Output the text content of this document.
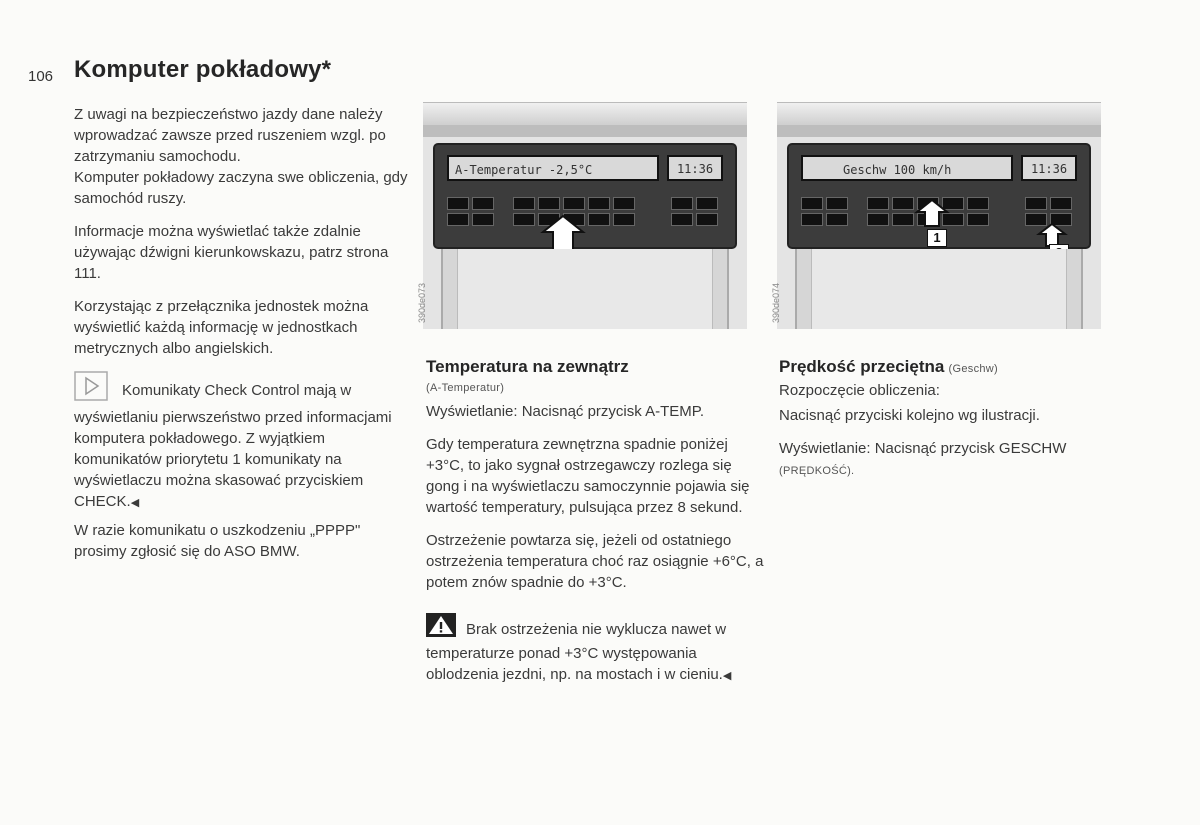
106 Komputer pokładowy*

Z uwagi na bezpieczeństwo jazdy dane należy wprowadzać zawsze przed ruszeniem wzgl. po zatrzymaniu samochodu.
Komputer pokładowy zaczyna swe obliczenia, gdy samochód ruszy.

Informacje można wyświetlać także zdalnie używając dźwigni kierunkowskazu, patrz strona 111.

Korzystając z przełącznika jednostek można wyświetlić każdą informację w jednostkach metrycznych albo angielskich.

Komunikaty Check Control mają w wyświetlaniu pierwszeństwo przed informacjami komputera pokładowego. Z wyjątkiem komunikatów priorytetu 1 komunikaty na wyświetlaczu można skasować przyciskiem CHECK.◀

W razie komunikatu o uszkodzeniu „PPPP" prosimy zgłosić się do ASO BMW.

A-Temperatur -2,5°C	11:36
390de073
Geschw 100 km/h	11:36
1
390de074
Temperatura na zewnątrz
(A-Temperatur)

Wyświetlanie: Nacisnąć przycisk A-TEMP.

Gdy temperatura zewnętrzna spadnie poniżej +3°C, to jako sygnał ostrzegawczy rozlega się gong i na wyświetlaczu samoczynnie pojawia się wartość temperatury, pulsująca przez 8 sekund.

Ostrzeżenie powtarza się, jeżeli od ostatniego ostrzeżenia temperatura choć raz osiągnie +6°C, a potem znów spadnie do +3°C.

Brak ostrzeżenia nie wyklucza nawet w temperaturze ponad +3°C występowania oblodzenia jezdni, np. na mostach i w cieniu.◀

Prędkość przeciętna (Geschw)

Rozpoczęcie obliczenia:

Nacisnąć przyciski kolejno wg ilustracji.

Wyświetlanie: Nacisnąć przycisk GESCHW (PRĘDKOŚĆ).
